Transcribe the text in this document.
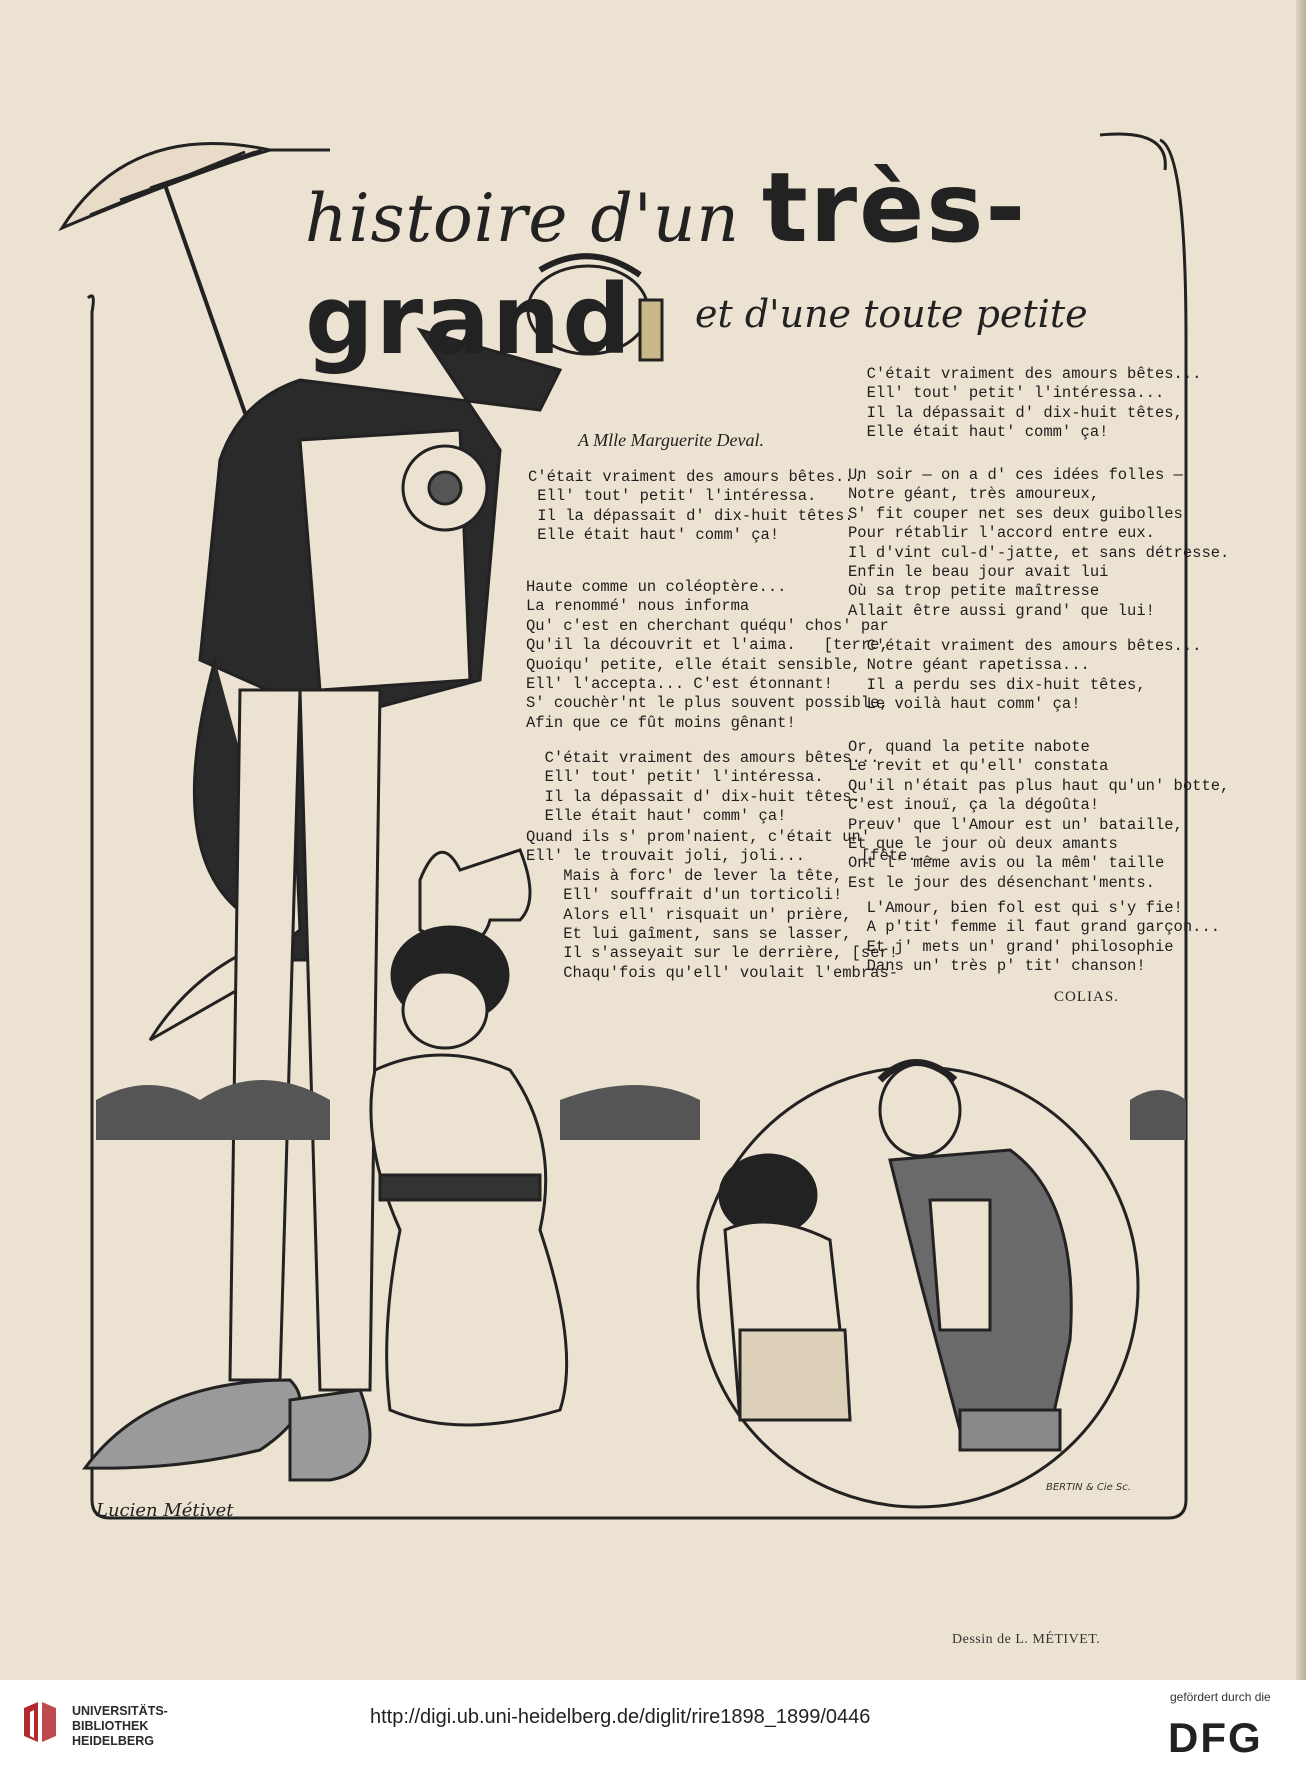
histoire d'un très-grand	et d'une toute petite
A Mlle Marguerite Deval.
C'était vraiment des amours bêtes...
Ell' tout' petit' l'intéressa.
Il la dépassait d' dix-huit têtes.
Elle était haut' comm' ça!
Haute comme un coléoptère...
La renommé' nous informa
Qu' c'est en cherchant quéqu' chos' par
Qu'il la découvrit et l'aima.   [terre,
Quoiqu' petite, elle était sensible,
Ell' l'accepta... C'est étonnant!
S' couchèr'nt le plus souvent possible,
Afin que ce fût moins gênant!
C'était vraiment des amours bêtes...
Ell' tout' petit' l'intéressa.
Il la dépassait d' dix-huit têtes.
Elle était haut' comm' ça!
Quand ils s' prom'naient, c'était un'
Ell' le trouvait joli, joli...      [fête...
Mais à forc' de lever la tête,
Ell' souffrait d'un torticoli!
Alors ell' risquait un' prière,
Et lui gaîment, sans se lasser,
Il s'asseyait sur le derrière, [ser!
Chaqu'fois qu'ell' voulait l'embras-
C'était vraiment des amours bêtes...
Ell' tout' petit' l'intéressa...
Il la dépassait d' dix-huit têtes,
Elle était haut' comm' ça!
Un soir — on a d' ces idées folles —
Notre géant, très amoureux,
S' fit couper net ses deux guibolles
Pour rétablir l'accord entre eux.
Il d'vint cul-d'-jatte, et sans détresse.
Enfin le beau jour avait lui
Où sa trop petite maîtresse
Allait être aussi grand' que lui!
C'était vraiment des amours bêtes...
Notre géant rapetissa...
Il a perdu ses dix-huit têtes,
Le voilà haut comm' ça!
Or, quand la petite nabote
Le revit et qu'ell' constata
Qu'il n'était pas plus haut qu'un' botte,
C'est inouï, ça la dégoûta!
Preuv' que l'Amour est un' bataille,
Et que le jour où deux amants
Ont l' même avis ou la mêm' taille
Est le jour des désenchant'ments.
L'Amour, bien fol est qui s'y fie!
A p'tit' femme il faut grand garçon...
Et j' mets un' grand' philosophie
Dans un' très p' tit' chanson!
COLIAS.
Lucien Métivet
BERTIN & Cie Sc.
Dessin de L. MÉTIVET.
UNIVERSITÄTS-
BIBLIOTHEK
HEIDELBERG
http://digi.ub.uni-heidelberg.de/diglit/rire1898_1899/0446
gefördert durch die
DFG
